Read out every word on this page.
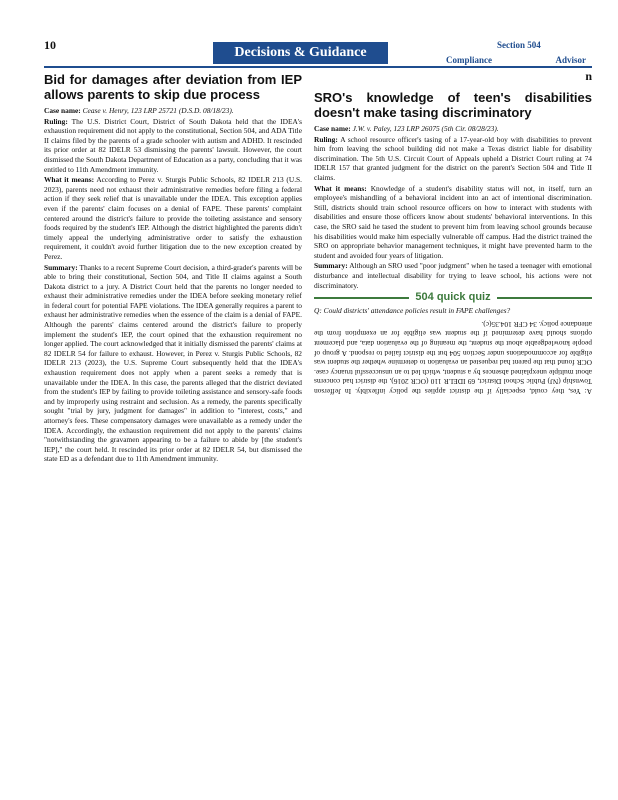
10	Decisions & Guidance	Section 504
Compliance	Advisor
Bid for damages after deviation from IEP allows parents to skip due process

Case name: Cease v. Henry, 123 LRP 25721 (D.S.D. 08/18/23).

Ruling: The U.S. District Court, District of South Dakota held that the IDEA's exhaustion requirement did not apply to the constitutional, Section 504, and ADA Title II claims filed by the parents of a grade schooler with autism and ADHD. It rescinded its prior order at 82 IDELR 53 dismissing the parents' lawsuit. However, the court dismissed the South Dakota Department of Education as a party, concluding that it was entitled to 11th Amendment immunity.

What it means: According to Perez v. Sturgis Public Schools, 82 IDELR 213 (U.S. 2023), parents need not exhaust their administrative remedies before filing a federal action if they seek relief that is unavailable under the IDEA. This exception applies even if the parents' claim focuses on a denial of FAPE. These parents' complaint centered around the district's failure to provide the toileting assistance and sensory foods required by the student's IEP. Although the district highlighted the parents didn't timely appeal the underlying administrative order to satisfy the exhaustion requirement, it couldn't avoid further litigation due to the new exception created by Perez.

Summary: Thanks to a recent Supreme Court decision, a third-grader's parents will be able to bring their constitutional, Section 504, and Title II claims against a South Dakota district to a jury. A District Court held that the parents no longer needed to exhaust their administrative remedies under the IDEA before seeking monetary relief in federal court for potential FAPE violations. The IDEA generally requires a parent to exhaust her administrative remedies when the essence of the claim is a denial of FAPE. Although the parents' claims centered around the district's failure to properly implement the student's IEP, the court opined that the exhaustion requirement no longer applied. The court acknowledged that it initially dismissed the parents' claims at 82 IDELR 54 for failure to exhaust. However, in Perez v. Sturgis Public Schools, 82 IDELR 213 (2023), the U.S. Supreme Court subsequently held that the IDEA's exhaustion requirement does not apply when a parent seeks a remedy that is unavailable under the IDEA. In this case, the parents alleged that the district deviated from the student's IEP by failing to provide toileting assistance and sensory-safe foods and by improperly using restraint and seclusion. As a remedy, the parents specifically sought "trial by jury, judgment for damages" in addition to "interest, costs," and attorney's fees. These compensatory damages were unavailable as a remedy under the IDEA. Accordingly, the exhaustion requirement did not apply to the parents' claims "notwithstanding the gravamen appearing to be a failure to abide by [the student's IEP]," the court held. It rescinded its prior order at 82 IDELR 54, but dismissed the state ED as a defendant due to 11th Amendment immunity.

n

SRO's knowledge of teen's disabilities doesn't make tasing discriminatory

Case name: J.W. v. Paley, 123 LRP 26075 (5th Cir. 08/28/23).

Ruling: A school resource officer's tasing of a 17-year-old boy with disabilities to prevent him from leaving the school building did not make a Texas district liable for disability discrimination. The 5th U.S. Circuit Court of Appeals upheld a District Court ruling at 74 IDELR 157 that granted judgment for the district on the parent's Section 504 and Title II claims.

What it means: Knowledge of a student's disability status will not, in itself, turn an employee's mishandling of a behavioral incident into an act of intentional discrimination. Still, districts should train school resource officers on how to interact with students with disabilities and ensure those officers know about students' behavioral interventions. In this case, the SRO said he tased the student to prevent him from leaving school grounds because his disabilities would make him especially vulnerable off campus. Had the district trained the SRO on appropriate behavior management techniques, it might have prevented harm to the student and avoided four years of litigation.

Summary: Although an SRO used "poor judgment" when he tased a teenager with emotional disturbance and intellectual disability for trying to leave school, his actions were not discriminatory.

504 quick quiz

Q: Could districts' attendance policies result in FAPE challenges?

A: Yes, they could, especially if the district applies the policy inflexibly. In Jefferson Township (NJ) Public School District, 69 IDELR 110 (OCR 2016), the district had concerns about multiple unexplained absences by a student, which led to an unsuccessful truancy case. OCR found that the parent had requested an evaluation to determine whether the student was eligible for accommodations under Section 504 but the district failed to respond. A group of people knowledgeable about the student, the meaning of the evaluation data, and placement options should have determined if the student was eligible for an exemption from the attendance policy. 34 CFR 104.35(c).
